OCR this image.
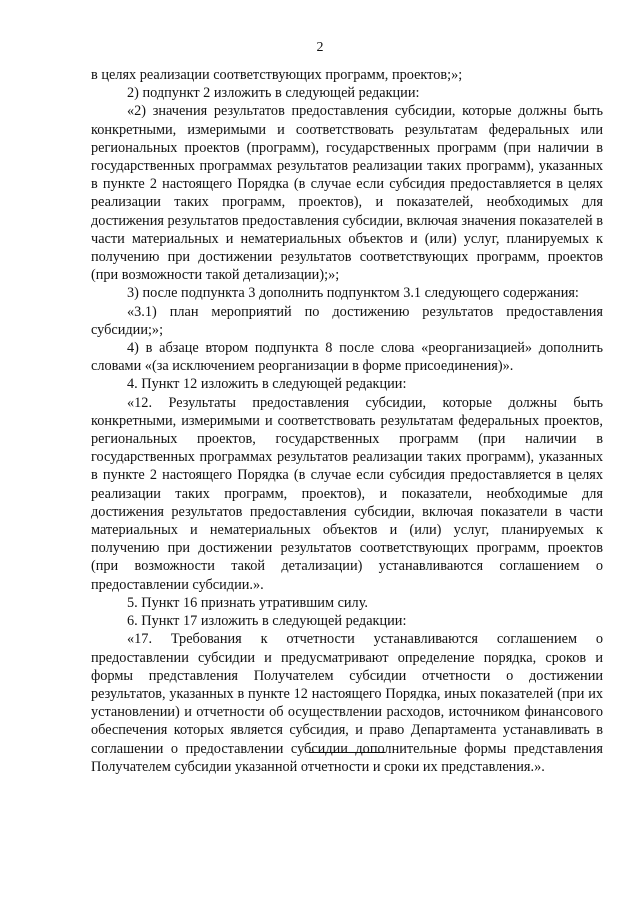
2

в целях реализации соответствующих программ, проектов;»;

2) подпункт 2 изложить в следующей редакции:

«2) значения результатов предоставления субсидии, которые должны быть конкретными, измеримыми и соответствовать результатам федеральных или региональных проектов (программ), государственных программ (при наличии в государственных программах результатов реализации таких программ), указанных в пункте 2 настоящего Порядка (в случае если субсидия предоставляется в целях реализации таких программ, проектов), и показателей, необходимых для достижения результатов предоставления субсидии, включая значения показателей в части материальных и нематериальных объектов и (или) услуг, планируемых к получению при достижении результатов соответствующих программ, проектов (при возможности такой детализации);»;

3) после подпункта 3 дополнить подпунктом 3.1 следующего содержания:

«3.1) план мероприятий по достижению результатов предоставления субсидии;»;

4) в абзаце втором подпункта 8 после слова «реорганизацией» дополнить словами «(за исключением реорганизации в форме присоединения)».

4. Пункт 12 изложить в следующей редакции:

«12. Результаты предоставления субсидии, которые должны быть конкретными, измеримыми и соответствовать результатам федеральных проектов, региональных проектов, государственных программ (при наличии в государственных программах результатов реализации таких программ), указанных в пункте 2 настоящего Порядка (в случае если субсидия предоставляется в целях реализации таких программ, проектов), и показатели, необходимые для достижения результатов предоставления субсидии, включая показатели в части материальных и нематериальных объектов и (или) услуг, планируемых к получению при достижении результатов соответствующих программ, проектов (при возможности такой детализации) устанавливаются соглашением о предоставлении субсидии.».

5. Пункт 16 признать утратившим силу.

6. Пункт 17 изложить в следующей редакции:

«17. Требования к отчетности устанавливаются соглашением о предоставлении субсидии и предусматривают определение порядка, сроков и формы представления Получателем субсидии отчетности о достижении результатов, указанных в пункте 12 настоящего Порядка, иных показателей (при их установлении) и отчетности об осуществлении расходов, источником финансового обеспечения которых является субсидия, и право Департамента устанавливать в соглашении о предоставлении субсидии дополнительные формы представления Получателем субсидии указанной отчетности и сроки их представления.».
